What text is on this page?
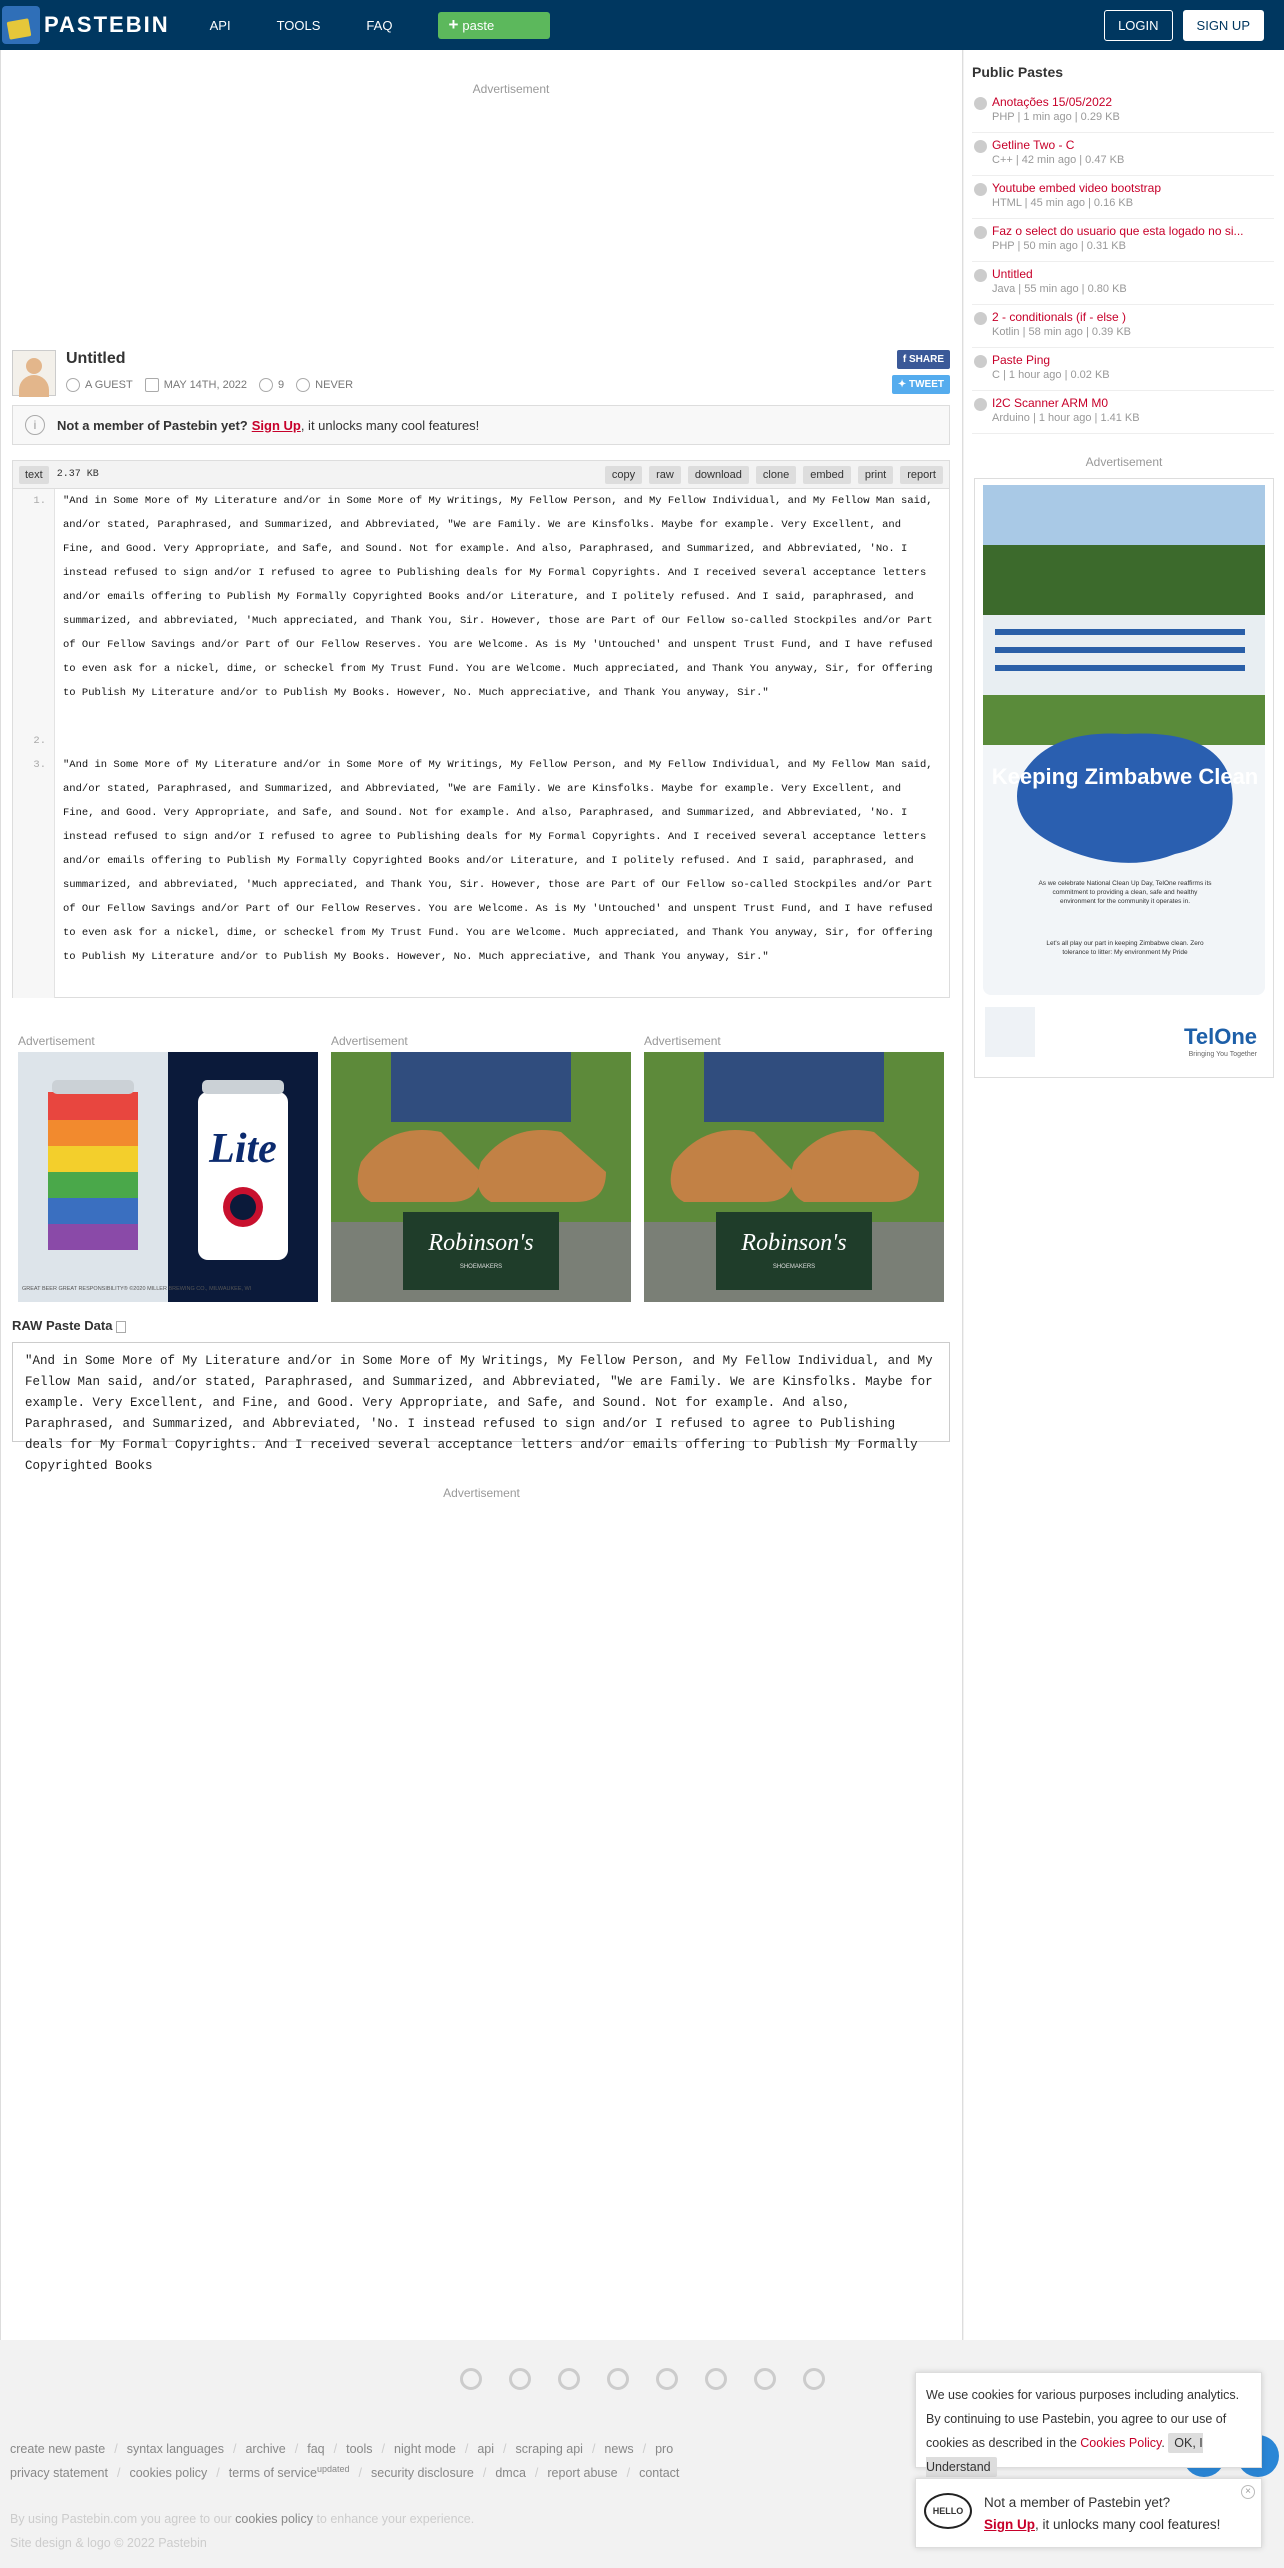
PASTEBIN	API	TOOLS	FAQ	+ paste	LOGIN	SIGN UP
Advertisement
Untitled
A GUEST	MAY 14TH, 2022	9	NEVER
f SHARE
✦ TWEET
i	Not a member of Pastebin yet? Sign Up , it unlocks many cool features!
text	2.37 KB	copy	raw	download	clone	embed	print	report
1.	"And in Some More of My Literature and/or in Some More of My Writings, My Fellow Person, and My Fellow Individual, and My Fellow Man said, and/or stated, Paraphrased, and Summarized, and Abbreviated, "We are Family. We are Kinsfolks. Maybe for example. Very Excellent, and Fine, and Good. Very Appropriate, and Safe, and Sound. Not for example. And also, Paraphrased, and Summarized, and Abbreviated, 'No. I instead refused to sign and/or I refused to agree to Publishing deals for My Formal Copyrights. And I received several acceptance letters and/or emails offering to Publish My Formally Copyrighted Books and/or Literature, and I politely refused. And I said, paraphrased, and summarized, and abbreviated, 'Much appreciated, and Thank You, Sir. However, those are Part of Our Fellow so-called Stockpiles and/or Part of Our Fellow Savings and/or Part of Our Fellow Reserves. You are Welcome. As is My 'Untouched' and unspent Trust Fund, and I have refused to even ask for a nickel, dime, or scheckel from My Trust Fund. You are Welcome. Much appreciated, and Thank You anyway, Sir, for Offering to Publish My Literature and/or to Publish My Books. However, No. Much appreciative, and Thank You anyway, Sir."
2.
3.	"And in Some More of My Literature and/or in Some More of My Writings, My Fellow Person, and My Fellow Individual, and My Fellow Man said, and/or stated, Paraphrased, and Summarized, and Abbreviated, "We are Family. We are Kinsfolks. Maybe for example. Very Excellent, and Fine, and Good. Very Appropriate, and Safe, and Sound. Not for example. And also, Paraphrased, and Summarized, and Abbreviated, 'No. I instead refused to sign and/or I refused to agree to Publishing deals for My Formal Copyrights. And I received several acceptance letters and/or emails offering to Publish My Formally Copyrighted Books and/or Literature, and I politely refused. And I said, paraphrased, and summarized, and abbreviated, 'Much appreciated, and Thank You, Sir. However, those are Part of Our Fellow so-called Stockpiles and/or Part of Our Fellow Savings and/or Part of Our Fellow Reserves. You are Welcome. As is My 'Untouched' and unspent Trust Fund, and I have refused to even ask for a nickel, dime, or scheckel from My Trust Fund. You are Welcome. Much appreciated, and Thank You anyway, Sir, for Offering to Publish My Literature and/or to Publish My Books. However, No. Much appreciative, and Thank You anyway, Sir."
Advertisement
Lite
GREAT BEER GREAT RESPONSIBILITY® ©2020 MILLER BREWING CO., MILWAUKEE, WI
Advertisement
Robinson's
SHOEMAKERS
Advertisement
Robinson's
SHOEMAKERS
RAW Paste Data
"And in Some More of My Literature and/or in Some More of My Writings, My Fellow Person, and My Fellow Individual, and My Fellow Man said, and/or stated, Paraphrased, and Summarized, and Abbreviated, "We are Family. We are Kinsfolks. Maybe for example. Very Excellent, and Fine, and Good. Very Appropriate, and Safe, and Sound. Not for example. And also, Paraphrased, and Summarized, and Abbreviated, 'No. I instead refused to sign and/or I refused to agree to Publishing deals for My Formal Copyrights. And I received several acceptance letters and/or emails offering to Publish My Formally Copyrighted Books
Advertisement
Public Pastes
Anotações 15/05/2022
PHP | 1 min ago | 0.29 KB
Getline Two - C
C++ | 42 min ago | 0.47 KB
Youtube embed video bootstrap
HTML | 45 min ago | 0.16 KB
Faz o select do usuario que esta logado no si...
PHP | 50 min ago | 0.31 KB
Untitled
Java | 55 min ago | 0.80 KB
2 - conditionals (if - else )
Kotlin | 58 min ago | 0.39 KB
Paste Ping
C | 1 hour ago | 0.02 KB
I2C Scanner ARM M0
Arduino | 1 hour ago | 1.41 KB
Advertisement
Keeping Zimbabwe Clean
As we celebrate National Clean Up Day, TelOne reaffirms its commitment to providing a clean, safe and healthy environment for the community it operates in.
Let's all play our part in keeping Zimbabwe clean. Zero tolerance to litter: My environment My Pride
TelOne
Bringing You Together
create new paste / syntax languages / archive / faq / tools / night mode / api / scraping api / news / pro
privacy statement / cookies policy / terms of service$^{updated}$ / security disclosure / dmca / report abuse / contact
By using Pastebin.com you agree to our cookies policy to enhance your experience.
Site design & logo © 2022 Pastebin
We use cookies for various purposes including analytics. By continuing to use Pastebin, you agree to our use of cookies as described in the Cookies Policy. OK, I Understand
HELLO
Not a member of Pastebin yet?
Sign Up, it unlocks many cool features!
×
